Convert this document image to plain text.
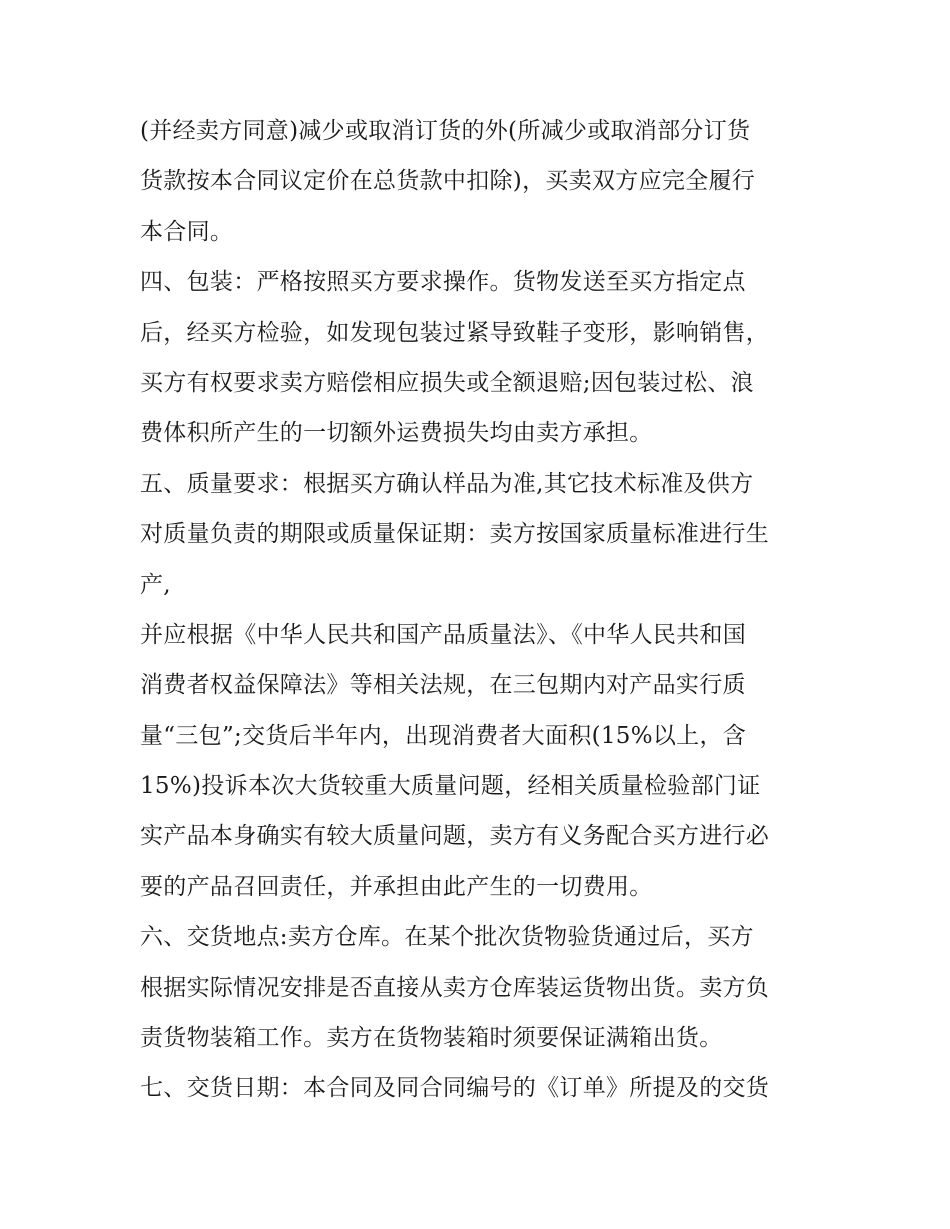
(并经卖方同意)减少或取消订货的外(所减少或取消部分订货
货款按本合同议定价在总货款中扣除)，买卖双方应完全履行
本合同。
四、包装：严格按照买方要求操作。货物发送至买方指定点
后，经买方检验，如发现包装过紧导致鞋子变形，影响销售，
买方有权要求卖方赔偿相应损失或全额退赔;因包装过松、浪
费体积所产生的一切额外运费损失均由卖方承担。
五、质量要求：根据买方确认样品为准,其它技术标准及供方
对质量负责的期限或质量保证期：卖方按国家质量标准进行生
产,
并应根据《中华人民共和国产品质量法》、《中华人民共和国
消费者权益保障法》等相关法规，在三包期内对产品实行质
量“三包”;交货后半年内，出现消费者大面积(15%以上，含
15%)投诉本次大货较重大质量问题，经相关质量检验部门证
实产品本身确实有较大质量问题，卖方有义务配合买方进行必
要的产品召回责任，并承担由此产生的一切费用。
六、交货地点:卖方仓库。在某个批次货物验货通过后，买方
根据实际情况安排是否直接从卖方仓库装运货物出货。卖方负
责货物装箱工作。卖方在货物装箱时须要保证满箱出货。
七、交货日期：本合同及同合同编号的《订单》所提及的交货
